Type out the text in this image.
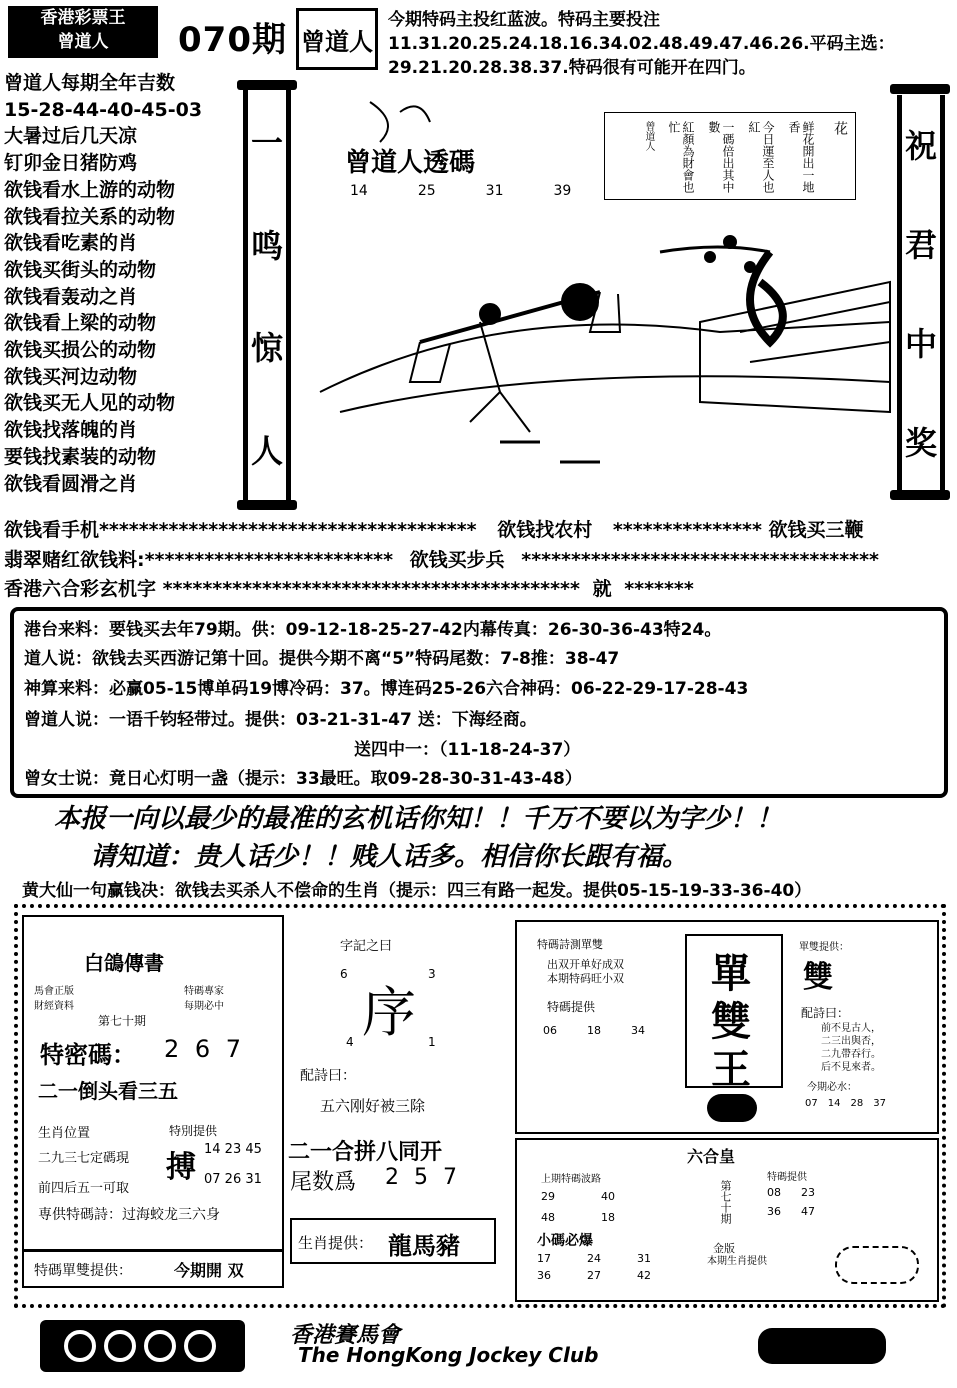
香港彩票王
曾道人	070期 曾道人
今期特码主投红蓝波。特码主要投注11.31.20.25.24.18.16.34.02.48.49.47.46.26.平码主选：29.21.20.28.38.37.特码很有可能开在四门。
曾道人每期全年吉数
15-28-44-40-45-03
大暑过后几天凉
钉卯金日猪防鸡
欲钱看水上游的动物
欲钱看拉关系的动物
欲钱看吃素的肖
欲钱买街头的动物
欲钱看轰动之肖
欲钱看上梁的动物
欲钱买损公的动物
欲钱买河边动物
欲钱买无人见的动物
欲钱找落魄的肖
要钱找素装的动物
欲钱看圆滑之肖
一
鸣
惊
人
祝
君
中
奖
曾道人透碼
14	25	31	39
花
鲜花開出一地香
今日運至人也紅
一碼倍出其中數
紅顏為財會也忙
曾道人
欲钱看手机************************************** 欲钱找农村 *************** 欲钱买三鞭
翡翠赌红欲钱料:************************* 欲钱买步兵 ************************************
香港六合彩玄机字 ****************************************** 就 *******
港台来料：要钱买去年79期。供：09-12-18-25-27-42内幕传真：26-30-36-43特24。
道人说：欲钱去买西游记第十回。提供今期不离“5”特码尾数：7-8推：38-47
神算来料：必赢05-15博单码19博冷码：37。博连码25-26六合神码：06-22-29-17-28-43
曾道人说：一语千钧轻带过。提供：03-21-31-47 送：下海经商。
送四中一：（11-18-24-37）
曾女士说：竟日心灯明一盏（提示：33最旺。取09-28-30-31-43-48）
本报一向以最少的最准的玄机话你知！！千万不要以为字少！！
请知道：贵人话少！！贱人话多。相信你长跟有福。
黄大仙一句赢钱决：欲钱去买杀人不偿命的生肖（提示：四三有路一起发。提供05-15-19-33-36-40）
白鴿傳書
馬會正版
財經資料
特碼專家
每期必中
第七十期
特密碼： 2 6 7
二一倒头看三五
生肖位置
二九三七定碼現
前四后五一可取
特別提供
搏
14 23 45
07 26 31
専供特碼詩：过海蛟龙三六身
特碼單雙提供：	今期開 双
字記之曰
6	3
4	1
序
配詩曰：
五六刚好被三除
二一合拼八同开
尾数爲 2 5 7
生肖提供： 龍馬豬
特碼詩測單雙
出双开单好成双
本期特码旺小双
特碼提供
06	18	34
單
雙
王
單雙提供：
雙
配詩曰：
前不見古人，
二三出與否，
二九帶吞行。
后不見來者。
今期必水：
07 14 28 37
六合皇
上期特碼波路
29	40
48	18	第七十期
金版
特碼提供
08	23
36	47
小碼必爆
17	24	31
36	27	42
本期生肖提供
香港賽馬會
The HongKong Jockey Club
